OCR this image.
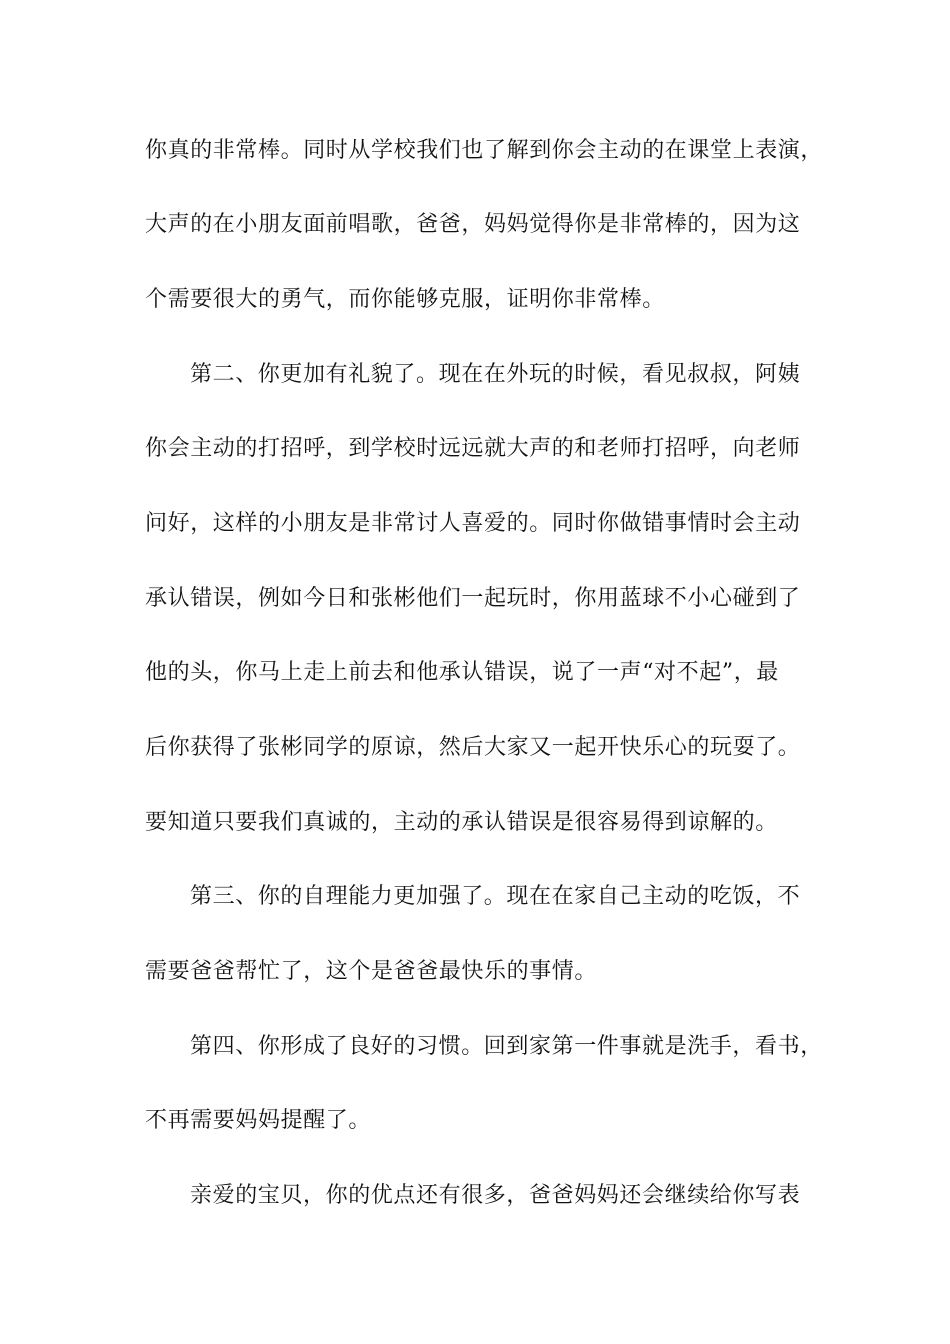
你真的非常棒。同时从学校我们也了解到你会主动的在课堂上表演，
大声的在小朋友面前唱歌，爸爸，妈妈觉得你是非常棒的，因为这
个需要很大的勇气，而你能够克服，证明你非常棒。
第二、你更加有礼貌了。现在在外玩的时候，看见叔叔，阿姨
你会主动的打招呼，到学校时远远就大声的和老师打招呼，向老师
问好，这样的小朋友是非常讨人喜爱的。同时你做错事情时会主动
承认错误，例如今日和张彬他们一起玩时，你用蓝球不小心碰到了
他的头，你马上走上前去和他承认错误，说了一声“对不起”，最
后你获得了张彬同学的原谅，然后大家又一起开快乐心的玩耍了。
要知道只要我们真诚的，主动的承认错误是很容易得到谅解的。
第三、你的自理能力更加强了。现在在家自己主动的吃饭，不
需要爸爸帮忙了，这个是爸爸最快乐的事情。
第四、你形成了良好的习惯。回到家第一件事就是洗手，看书，
不再需要妈妈提醒了。
亲爱的宝贝，你的优点还有很多，爸爸妈妈还会继续给你写表
